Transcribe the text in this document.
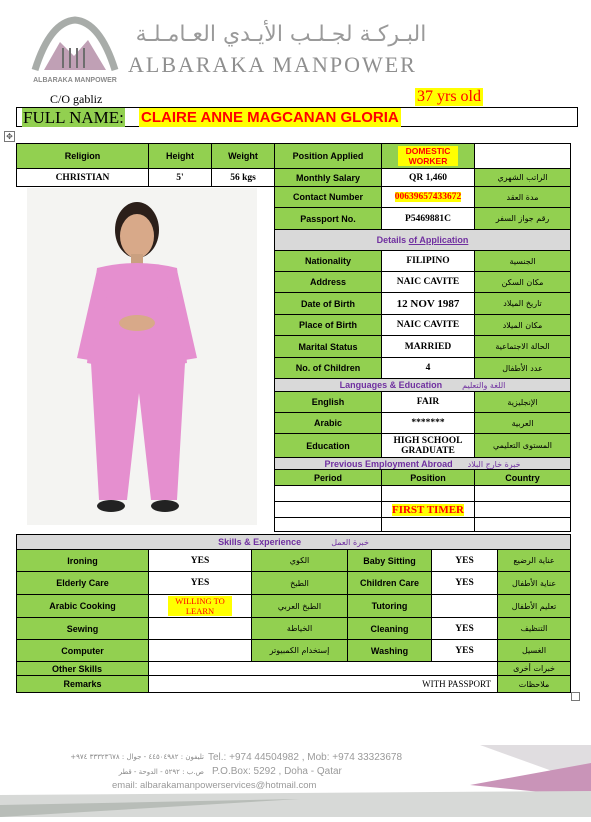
ALBARAKA MANPOWER
البـركـة لجـلـب الأيـدي العـامـلـة
ALBARAKA MANPOWER
C/O gabliz	37 yrs old
FULL NAME: CLAIRE ANNE MAGCANAN GLORIA
✥
Religion	Height	Weight	Position Applied	DOMESTIC WORKER	
CHRISTIAN	5'	56 kgs	Monthly Salary	QR 1,460	الراتب الشهري
Contact Number	00639657433672	مدة العقد
Passport No.	P5469881C	رقم جواز السفر
Details of Application		
Nationality	FILIPINO	الجنسية
Address	NAIC CAVITE	مكان السكن
Date of Birth	12 NOV 1987	تاريخ الميلاد
Place of Birth	NAIC CAVITE	مكان الميلاد
Marital Status	MARRIED	الحالة الاجتماعية
No. of Children	4	عدد الأطفال
Languages & Education اللغة والتعليم		
English	FAIR	الإنجليزية
Arabic	*******	العربية
Education	HIGH SCHOOL GRADUATE	المستوى التعليمي
Previous Employment Abroad خبرة خارج البلاد		
Period	Position	Country

	FIRST TIMER	

Skills & Experience خبرة العمل					
Ironing	YES	الكوي	Baby Sitting	YES	عناية الرضيع
Elderly Care	YES	الطبخ	Children Care	YES	عناية الأطفال
Arabic Cooking	WILLING TO LEARN	الطبخ العربي	Tutoring		تعليم الأطفال
Sewing		الخياطة	Cleaning	YES	التنظيف
Computer		إستخدام الكمبيوتر	Washing	YES	الغسيل
Other Skills					خبرات أخرى
Remarks	WITH PASSPORT				ملاحظات
تليفون : ٤٤٥٠٤٩٨٢ - جوال : ٣٣٣٢٣٦٧٨ ٩٧٤+
ص.ب : ٥٢٩٢ - الدوحة - قطر
Tel.: +974 44504982 , Mob: +974 33323678
P.O.Box: 5292 , Doha - Qatar
email: albarakamanpowerservices@hotmail.com
